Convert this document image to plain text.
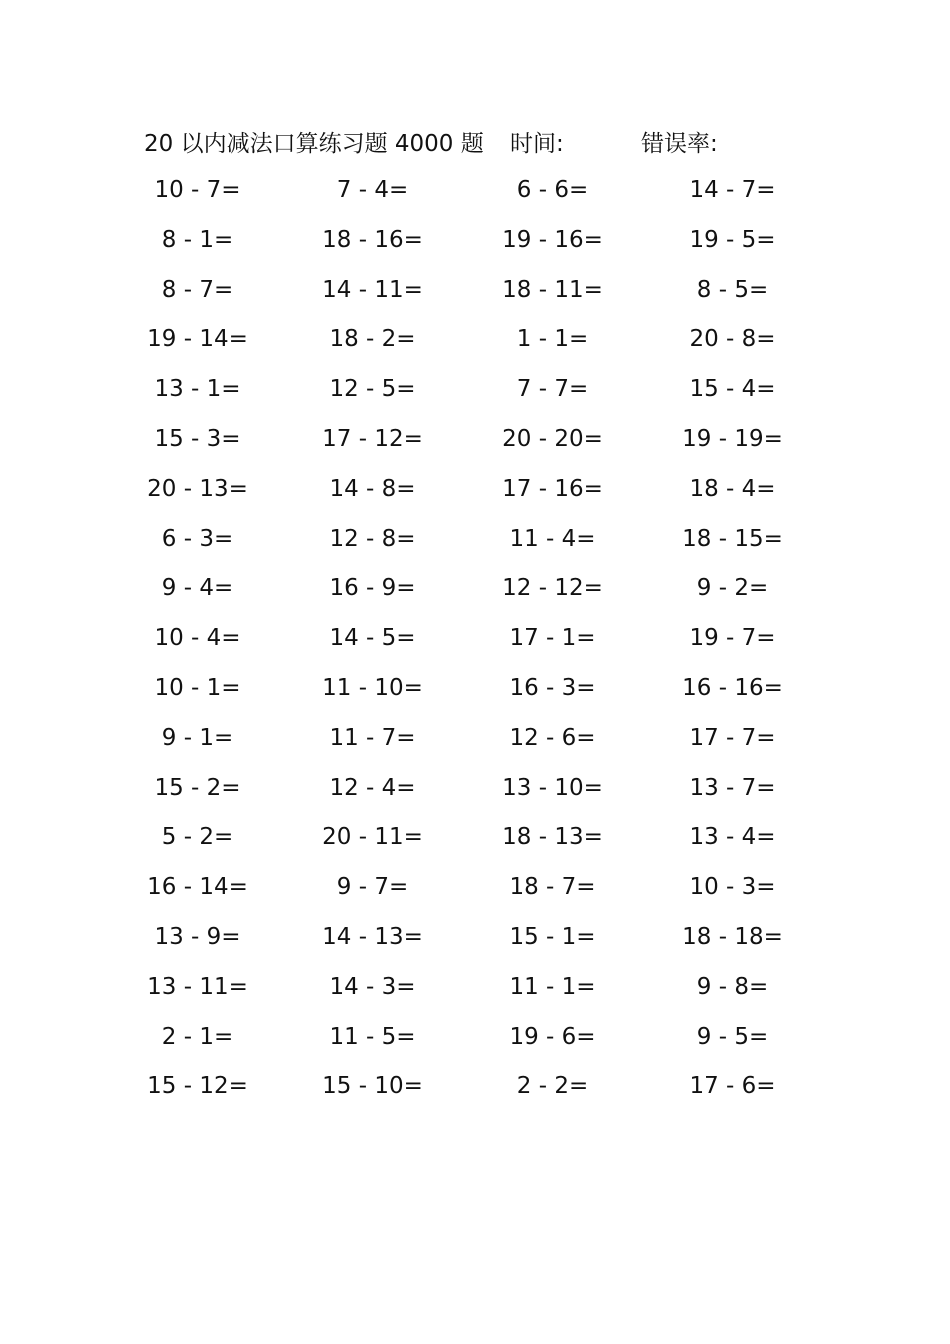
20 以内减法口算练习题 4000 题 时间:	错误率:
10 - 7=	7 - 4=	6 - 6=	14 - 7=
8 - 1=	18 - 16=	19 - 16=	19 - 5=
8 - 7=	14 - 11=	18 - 11=	8 - 5=
19 - 14=	18 - 2=	1 - 1=	20 - 8=
13 - 1=	12 - 5=	7 - 7=	15 - 4=
15 - 3=	17 - 12=	20 - 20=	19 - 19=
20 - 13=	14 - 8=	17 - 16=	18 - 4=
6 - 3=	12 - 8=	11 - 4=	18 - 15=
9 - 4=	16 - 9=	12 - 12=	9 - 2=
10 - 4=	14 - 5=	17 - 1=	19 - 7=
10 - 1=	11 - 10=	16 - 3=	16 - 16=
9 - 1=	11 - 7=	12 - 6=	17 - 7=
15 - 2=	12 - 4=	13 - 10=	13 - 7=
5 - 2=	20 - 11=	18 - 13=	13 - 4=
16 - 14=	9 - 7=	18 - 7=	10 - 3=
13 - 9=	14 - 13=	15 - 1=	18 - 18=
13 - 11=	14 - 3=	11 - 1=	9 - 8=
2 - 1=	11 - 5=	19 - 6=	9 - 5=
15 - 12=	15 - 10=	2 - 2=	17 - 6=
